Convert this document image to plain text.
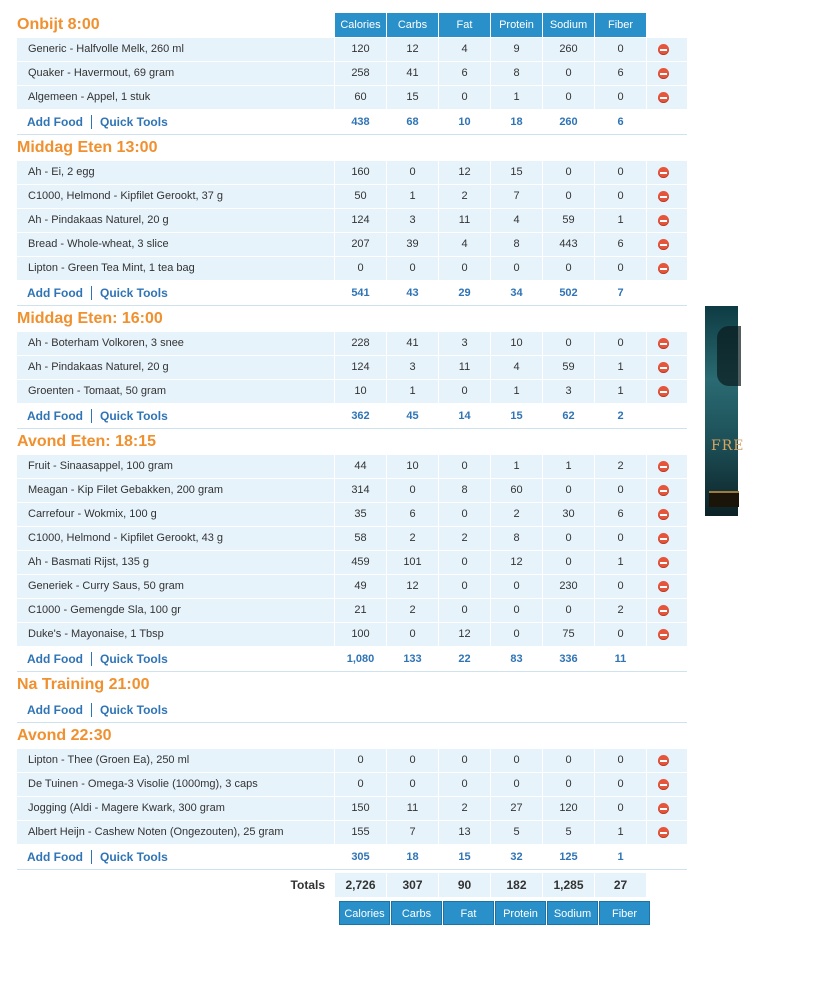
Onbijt 8:00	Calories	Carbs	Fat	Protein	Sodium	Fiber
Generic - Halfvolle Melk, 260 ml	120	12	4	9	260	0
Quaker - Havermout, 69 gram	258	41	6	8	0	6
Algemeen - Appel, 1 stuk	60	15	0	1	0	0
Add Food Quick Tools	438	68	10	18	260	6
Middag Eten 13:00
Ah - Ei, 2 egg	160	0	12	15	0	0
C1000, Helmond - Kipfilet Gerookt, 37 g	50	1	2	7	0	0
Ah - Pindakaas Naturel, 20 g	124	3	11	4	59	1
Bread - Whole-wheat, 3 slice	207	39	4	8	443	6
Lipton - Green Tea Mint, 1 tea bag	0	0	0	0	0	0
Add Food Quick Tools	541	43	29	34	502	7
Middag Eten: 16:00
Ah - Boterham Volkoren, 3 snee	228	41	3	10	0	0
Ah - Pindakaas Naturel, 20 g	124	3	11	4	59	1
Groenten - Tomaat, 50 gram	10	1	0	1	3	1
Add Food Quick Tools	362	45	14	15	62	2
Avond Eten: 18:15
Fruit - Sinaasappel, 100 gram	44	10	0	1	1	2
Meagan - Kip Filet Gebakken, 200 gram	314	0	8	60	0	0
Carrefour - Wokmix, 100 g	35	6	0	2	30	6
C1000, Helmond - Kipfilet Gerookt, 43 g	58	2	2	8	0	0
Ah - Basmati Rijst, 135 g	459	101	0	12	0	1
Generiek - Curry Saus, 50 gram	49	12	0	0	230	0
C1000 - Gemengde Sla, 100 gr	21	2	0	0	0	2
Duke's - Mayonaise, 1 Tbsp	100	0	12	0	75	0
Add Food Quick Tools	1,080	133	22	83	336	11
Na Training 21:00
Add Food Quick Tools
Avond 22:30
Lipton - Thee (Groen Ea), 250 ml	0	0	0	0	0	0
De Tuinen - Omega-3 Visolie (1000mg), 3 caps	0	0	0	0	0	0
Jogging (Aldi - Magere Kwark, 300 gram	150	11	2	27	120	0
Albert Heijn - Cashew Noten (Ongezouten), 25 gram	155	7	13	5	5	1
Add Food Quick Tools	305	18	15	32	125	1
Totals	2,726	307	90	182	1,285	27
Calories	Carbs	Fat	Protein	Sodium	Fiber
FRE
